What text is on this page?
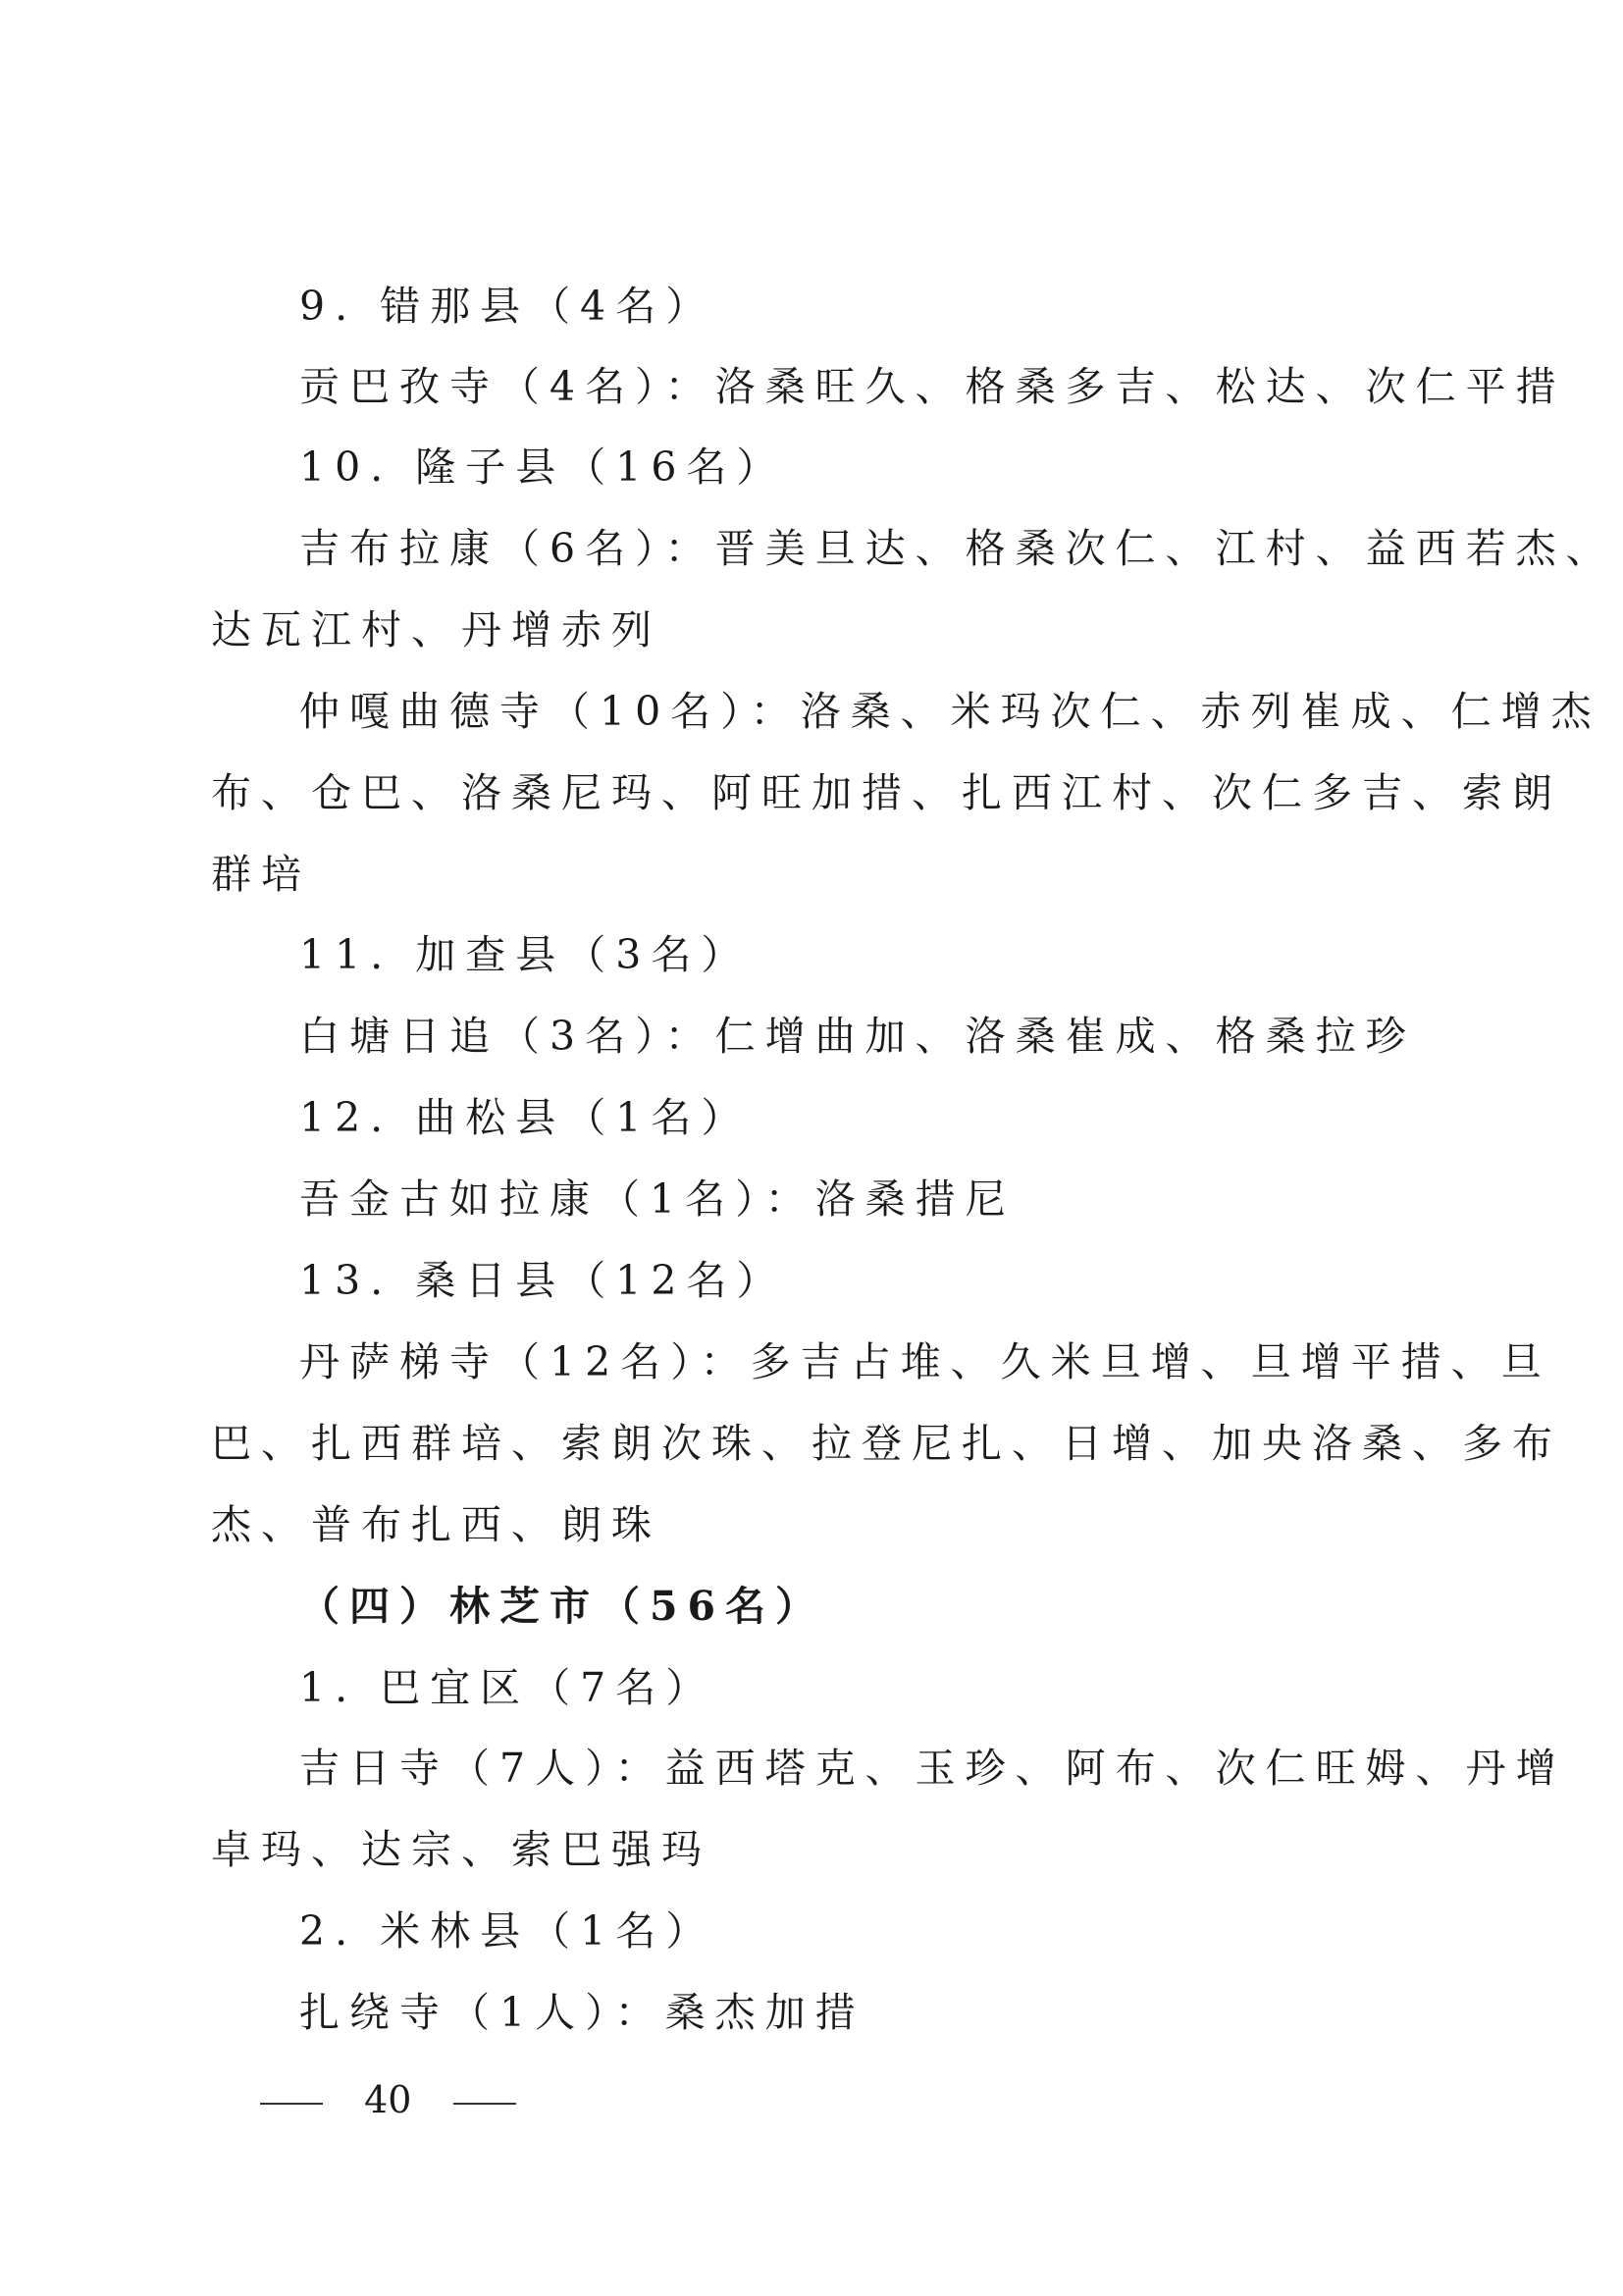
9. 错那县（4名）
贡巴孜寺（4名）：洛桑旺久、格桑多吉、松达、次仁平措
10. 隆子县（16名）
吉布拉康（6名）：晋美旦达、格桑次仁、江村、益西若杰、
达瓦江村、丹增赤列
仲嘎曲德寺（10名）：洛桑、米玛次仁、赤列崔成、仁增杰
布、仓巴、洛桑尼玛、阿旺加措、扎西江村、次仁多吉、索朗
群培
11. 加查县（3名）
白塘日追（3名）：仁增曲加、洛桑崔成、格桑拉珍
12. 曲松县（1名）
吾金古如拉康（1名）：洛桑措尼
13. 桑日县（12名）
丹萨梯寺（12名）：多吉占堆、久米旦增、旦增平措、旦
巴、扎西群培、索朗次珠、拉登尼扎、日增、加央洛桑、多布
杰、普布扎西、朗珠
（四）林芝市（56名）
1. 巴宜区（7名）
吉日寺（7人）：益西塔克、玉珍、阿布、次仁旺姆、丹增
卓玛、达宗、索巴强玛
2. 米林县（1名）
扎绕寺（1人）：桑杰加措
40
